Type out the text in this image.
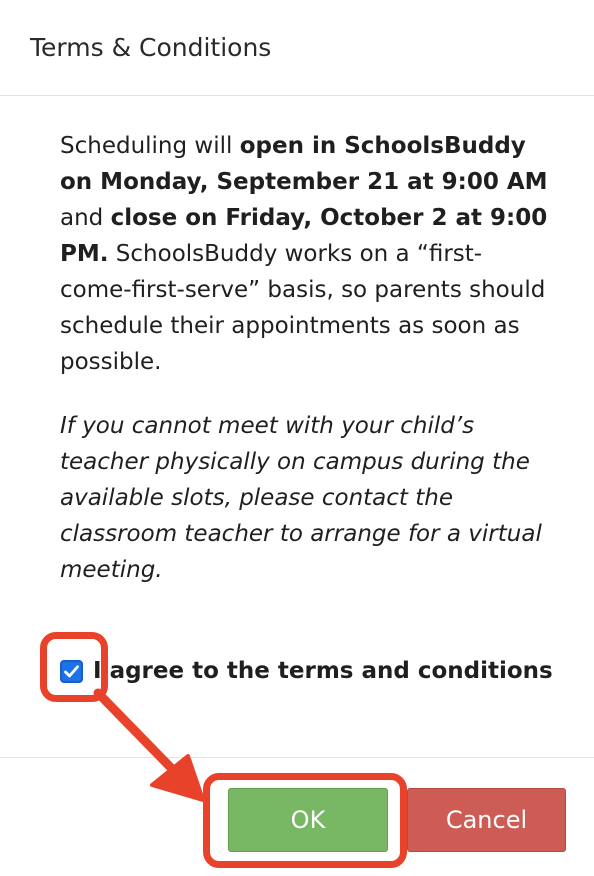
Terms & Conditions

Scheduling will open in SchoolsBuddy on Monday, September 21 at 9:00 AM and close on Friday, October 2 at 9:00 PM. SchoolsBuddy works on a “first-come-first-serve” basis, so parents should schedule their appointments as soon as possible.

If you cannot meet with your child’s teacher physically on campus during the available slots, please contact the classroom teacher to arrange for a virtual meeting.

I agree to the terms and conditions
OK	Cancel
